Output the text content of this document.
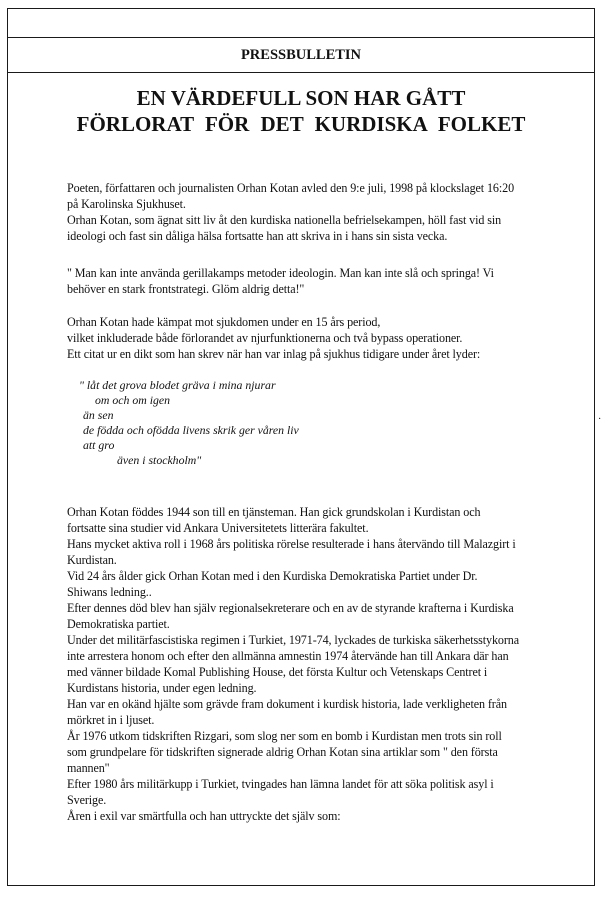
PRESSBULLETIN
EN VÄRDEFULL SON HAR GÅTT
FÖRLORAT FÖR DET KURDISKA FOLKET

Poeten, författaren och journalisten Orhan Kotan avled den 9:e juli, 1998 på klockslaget 16:20

på Karolinska Sjukhuset.

Orhan Kotan, som ägnat sitt liv åt den kurdiska nationella befrielsekampen, höll fast vid sin

ideologi och fast sin dåliga hälsa fortsatte han att skriva in i hans sin sista vecka.

" Man kan inte använda gerillakamps metoder ideologin. Man kan inte slå och springa! Vi

behöver en stark frontstrategi. Glöm aldrig detta!"

Orhan Kotan hade kämpat mot sjukdomen under en 15 års period,

vilket inkluderade både förlorandet av njurfunktionerna och två bypass operationer.

Ett citat ur en dikt som han skrev när han var inlag på sjukhus tidigare under året lyder:

" låt det grova blodet gräva i mina njurar

om och om igen

än sen

de födda och ofödda livens skrik ger våren liv

att gro

även i stockholm"

·

Orhan Kotan föddes 1944 son till en tjänsteman. Han gick grundskolan i Kurdistan och

fortsatte sina studier vid Ankara Universitetets litterära fakultet.

Hans mycket aktiva roll i 1968 års politiska rörelse resulterade i hans återvändo till Malazgirt i

Kurdistan.

Vid 24 års ålder gick Orhan Kotan med i den Kurdiska Demokratiska Partiet under Dr.

Shiwans ledning..

Efter dennes död blev han själv regionalsekreterare och en av de styrande krafterna i Kurdiska

Demokratiska partiet.

Under det militärfascistiska regimen i Turkiet, 1971-74, lyckades de turkiska säkerhetsstykorna

inte arrestera honom och efter den allmänna amnestin 1974 återvände han till Ankara där han

med vänner bildade Komal Publishing House, det första Kultur och Vetenskaps Centret i

Kurdistans historia, under egen ledning.

Han var en okänd hjälte som grävde fram dokument i kurdisk historia, lade verkligheten från

mörkret in i ljuset.

År 1976 utkom tidskriften Rizgari, som slog ner som en bomb i Kurdistan men trots sin roll

som grundpelare för tidskriften signerade aldrig Orhan Kotan sina artiklar som " den första

mannen"

Efter 1980 års militärkupp i Turkiet, tvingades han lämna landet för att söka politisk asyl i

Sverige.

Åren i exil var smärtfulla och han uttryckte det själv som:
